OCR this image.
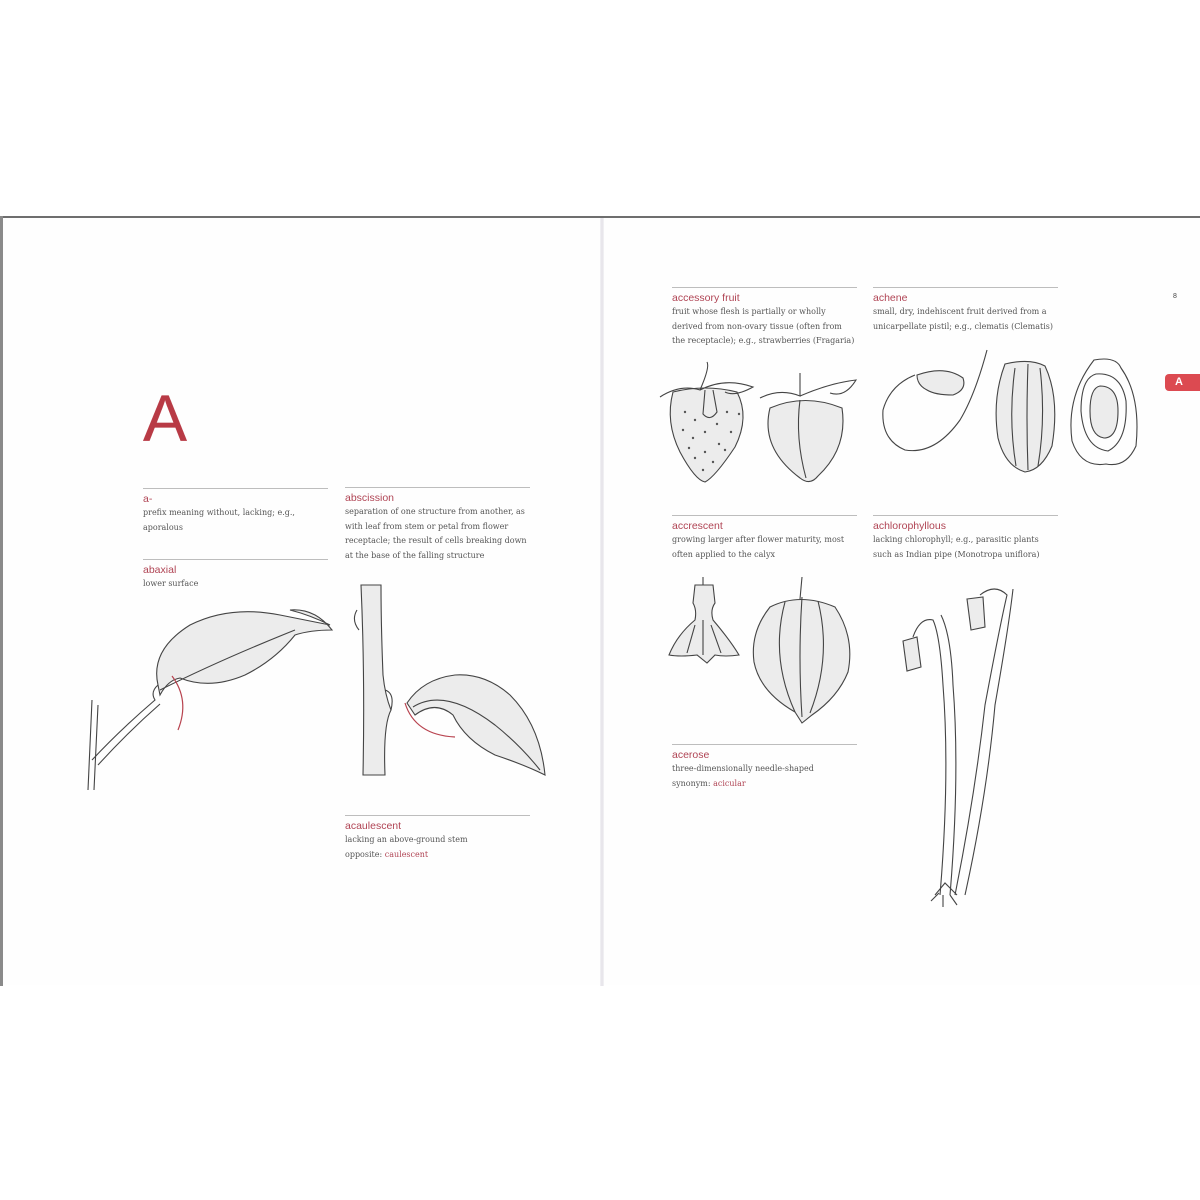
A
a-
prefix meaning without, lacking; e.g., aporalous
abaxial
lower surface
abscission
separation of one structure from another, as with leaf from stem or petal from flower receptacle; the result of cells breaking down at the base of the falling structure
acaulescent
lacking an above-ground stem
opposite: caulescent
8
A
accessory fruit
fruit whose flesh is partially or wholly derived from non-ovary tissue (often from the receptacle); e.g., strawberries (Fragaria)
achene
small, dry, indehiscent fruit derived from a unicarpellate pistil; e.g., clematis (Clematis)
accrescent
growing larger after flower maturity, most often applied to the calyx
achlorophyllous
lacking chlorophyll; e.g., parasitic plants such as Indian pipe (Monotropa uniflora)
acerose
three-dimensionally needle-shaped
synonym: acicular
